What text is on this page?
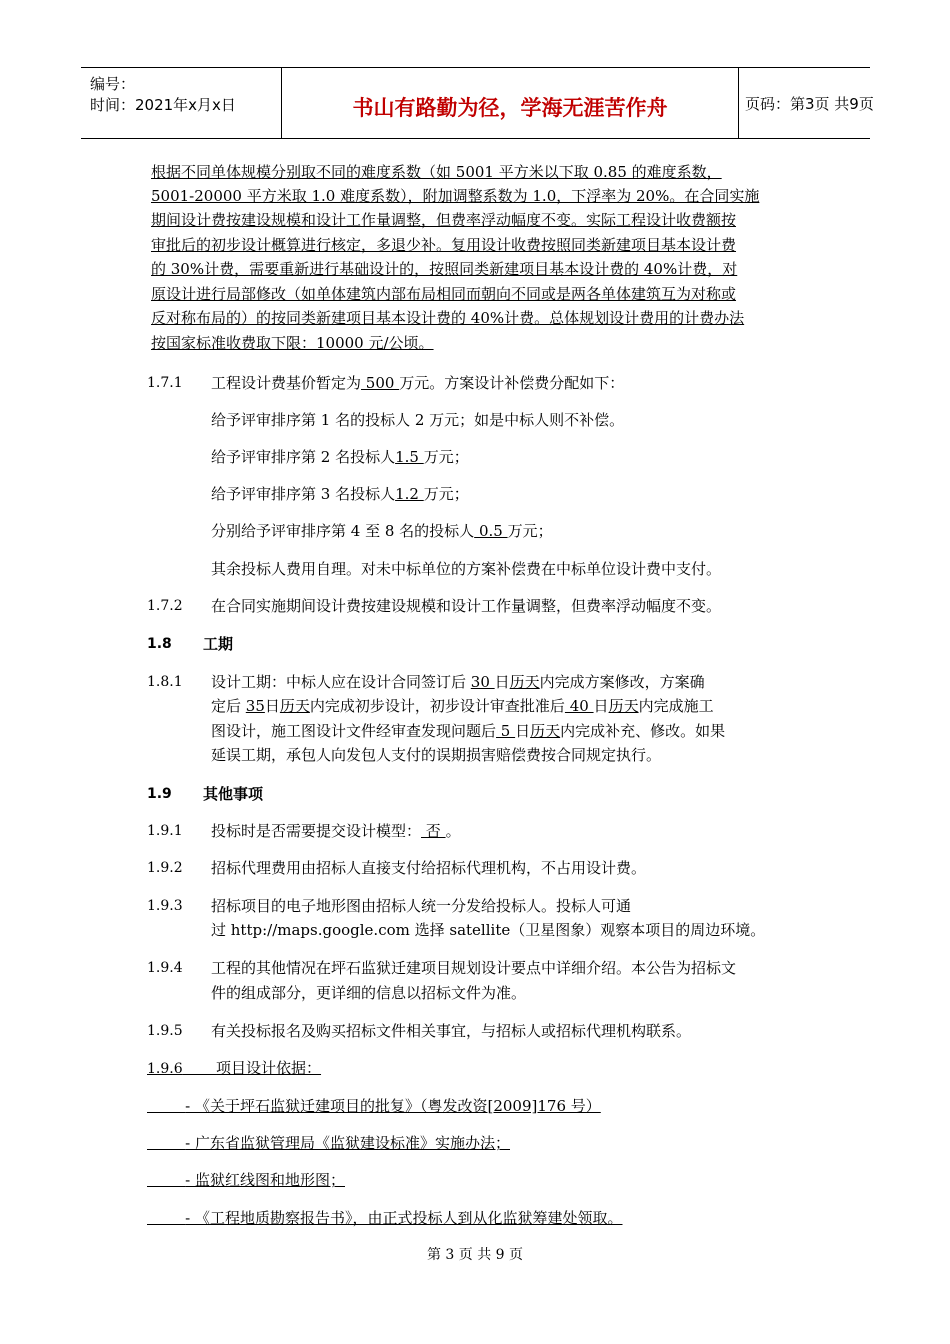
编号：
时间：2021年x月x日	书山有路勤为径，学海无涯苦作舟	页码：第3页 共9页
根据不同单体规模分别取不同的难度系数（如 5001 平方米以下取 0.85 的难度系数，
5001-20000 平方米取 1.0 难度系数），附加调整系数为 1.0，下浮率为 20%。在合同实施
期间设计费按建设规模和设计工作量调整，但费率浮动幅度不变。实际工程设计收费额按
审批后的初步设计概算进行核定，多退少补。复用设计收费按照同类新建项目基本设计费
的 30%计费，需要重新进行基础设计的，按照同类新建项目基本设计费的 40%计费，对
原设计进行局部修改（如单体建筑内部布局相同而朝向不同或是两各单体建筑互为对称或
反对称布局的）的按同类新建项目基本设计费的 40%计费。总体规划设计费用的计费办法
按国家标准收费取下限：10000 元/公顷。
1.7.1 工程设计费基价暂定为 500 万元。方案设计补偿费分配如下：
给予评审排序第 1 名的投标人 2 万元；如是中标人则不补偿。
给予评审排序第 2 名投标人1.5 万元；
给予评审排序第 3 名投标人1.2 万元；
分别给予评审排序第 4 至 8 名的投标人 0.5 万元；
其余投标人费用自理。对未中标单位的方案补偿费在中标单位设计费中支付。
1.7.2 在合同实施期间设计费按建设规模和设计工作量调整，但费率浮动幅度不变。
1.8 工期
1.8.1 设计工期：中标人应在设计合同签订后 30 日历天内完成方案修改，方案确
定后 35日历天内完成初步设计，初步设计审查批准后 40 日历天内完成施工
图设计，施工图设计文件经审查发现问题后 5 日历天内完成补充、修改。如果
延误工期，承包人向发包人支付的误期损害赔偿费按合同规定执行。
1.9 其他事项
1.9.1 投标时是否需要提交设计模型： 否 。
1.9.2 招标代理费用由招标人直接支付给招标代理机构，不占用设计费。
1.9.3 招标项目的电子地形图由招标人统一分发给投标人。投标人可通
过 http://maps.google.com 选择 satellite（卫星图象）观察本项目的周边环境。
1.9.4 工程的其他情况在坪石监狱迁建项目规划设计要点中详细介绍。本公告为招标文
件的组成部分，更详细的信息以招标文件为准。
1.9.5 有关投标报名及购买招标文件相关事宜，与招标人或招标代理机构联系。
1.9.6 项目设计依据：
- 《关于坪石监狱迁建项目的批复》（粤发改资[2009]176 号）
- 广东省监狱管理局《监狱建设标准》实施办法；
- 监狱红线图和地形图；
- 《工程地质勘察报告书》，由正式投标人到从化监狱筹建处领取。
第 3 页 共 9 页
